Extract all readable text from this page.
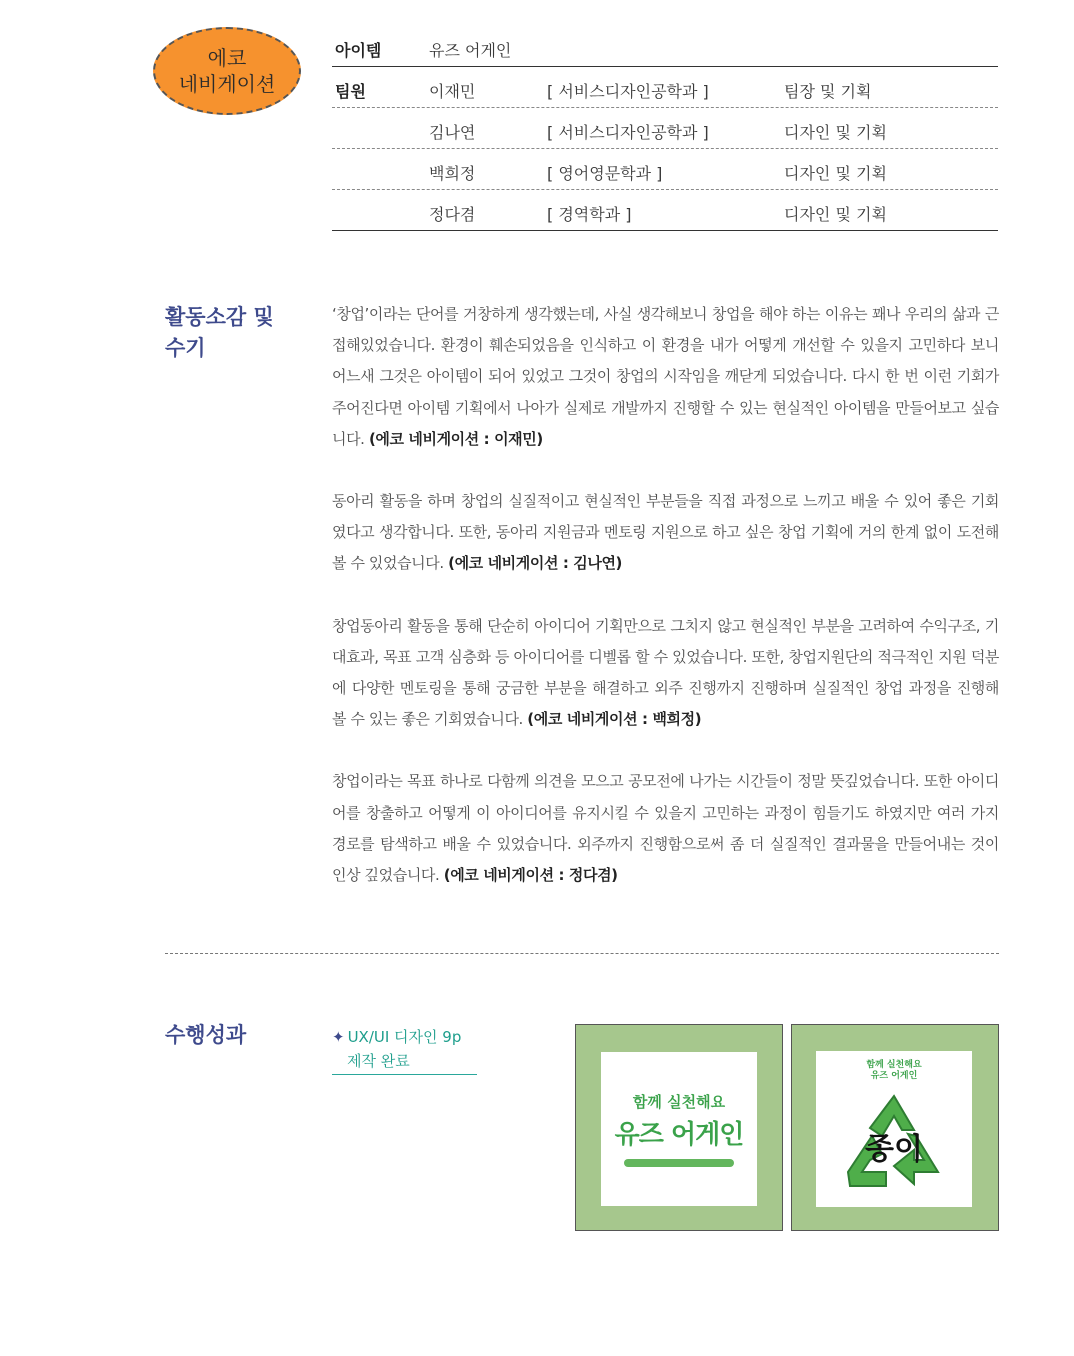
에코
네비게이션
아이템	유즈 어게인
팀원	이재민	[ 서비스디자인공학과 ]	팀장 및 기획
김나연	[ 서비스디자인공학과 ]	디자인 및 기획
백희정	[ 영어영문학과 ]	디자인 및 기획
정다겸	[ 경역학과 ]	디자인 및 기획
활동소감 및
수기

‘창업’이라는 단어를 거창하게 생각했는데, 사실 생각해보니 창업을 해야 하는 이유는 꽤나 우리의 삶과 근접해있었습니다. 환경이 훼손되었음을 인식하고 이 환경을 내가 어떻게 개선할 수 있을지 고민하다 보니 어느새 그것은 아이템이 되어 있었고 그것이 창업의 시작임을 깨닫게 되었습니다. 다시 한 번 이런 기회가 주어진다면 아이템 기획에서 나아가 실제로 개발까지 진행할 수 있는 현실적인 아이템을 만들어보고 싶습니다. (에코 네비게이션 : 이재민)

동아리 활동을 하며 창업의 실질적이고 현실적인 부분들을 직접 과정으로 느끼고 배울 수 있어 좋은 기회였다고 생각합니다. 또한, 동아리 지원금과 멘토링 지원으로 하고 싶은 창업 기획에 거의 한계 없이 도전해볼 수 있었습니다. (에코 네비게이션 : 김나연)

창업동아리 활동을 통해 단순히 아이디어 기획만으로 그치지 않고 현실적인 부분을 고려하여 수익구조, 기대효과, 목표 고객 심층화 등 아이디어를 디벨롭 할 수 있었습니다. 또한, 창업지원단의 적극적인 지원 덕분에 다양한 멘토링을 통해 궁금한 부분을 해결하고 외주 진행까지 진행하며 실질적인 창업 과정을 진행해 볼 수 있는 좋은 기회였습니다. (에코 네비게이션 : 백희정)

창업이라는 목표 하나로 다함께 의견을 모으고 공모전에 나가는 시간들이 정말 뜻깊었습니다. 또한 아이디어를 창출하고 어떻게 이 아이디어를 유지시킬 수 있을지 고민하는 과정이 힘들기도 하였지만 여러 가지 경로를 탐색하고 배울 수 있었습니다. 외주까지 진행함으로써 좀 더 실질적인 결과물을 만들어내는 것이 인상 깊었습니다. (에코 네비게이션 : 정다겸)

수행성과	✦ UX/UI 디자인 9p
제작 완료
함께 실천해요
유즈 어게인
함께 실천해요
유즈 어게인
종이
